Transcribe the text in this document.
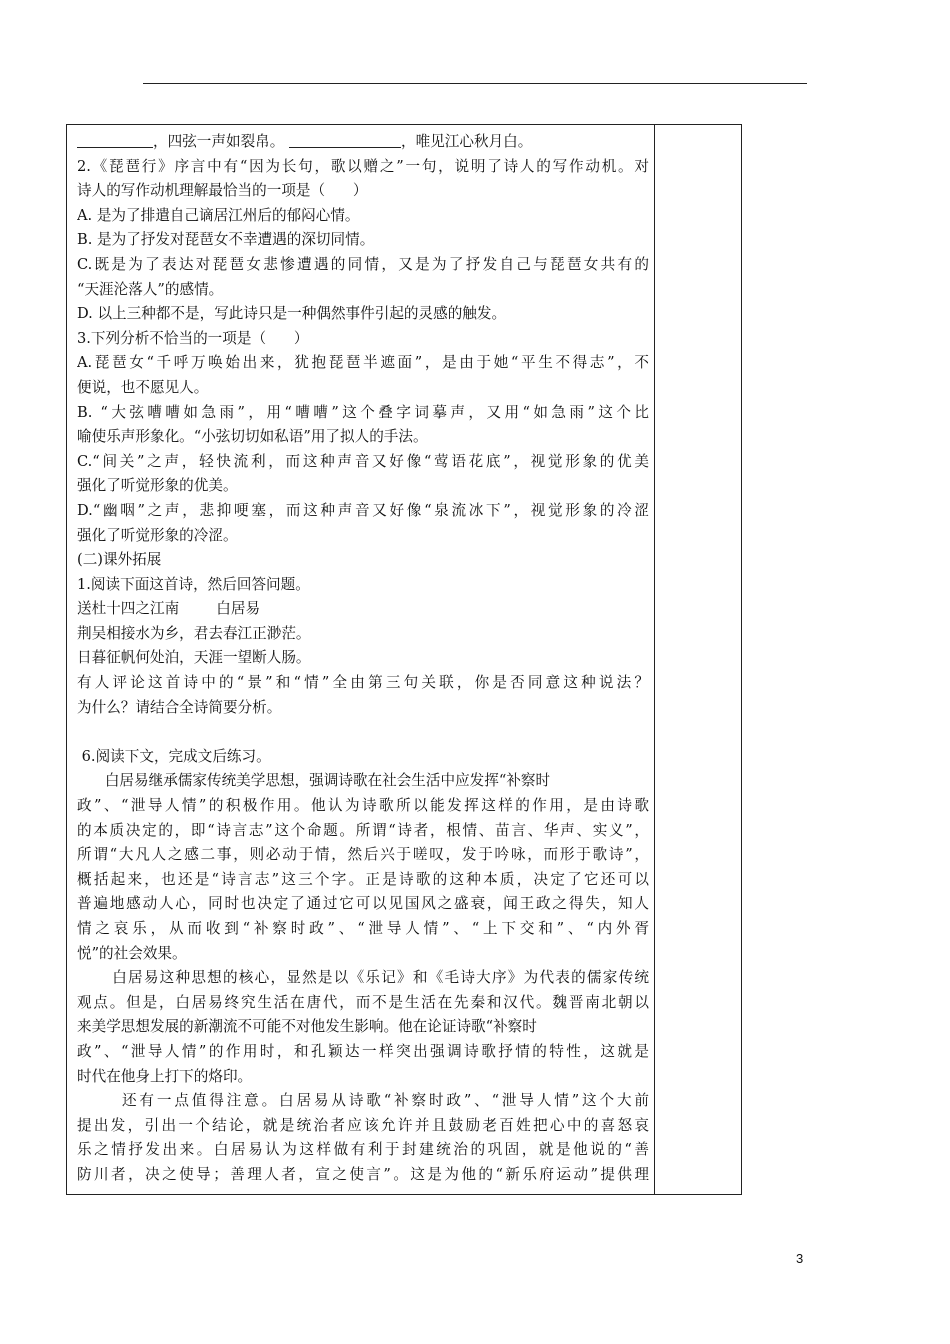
，四弦一声如裂帛。	，唯见江心秋月白。

2.《琵琶行》序言中有“因为长句，歌以赠之”一句，说明了诗人的写作动机。对

诗人的写作动机理解最恰当的一项是（      ）

A. 是为了排遣自己谪居江州后的郁闷心情。

B. 是为了抒发对琵琶女不幸遭遇的深切同情。

C.既是为了表达对琵琶女悲惨遭遇的同情，又是为了抒发自己与琵琶女共有的

“天涯沦落人”的感情。

D. 以上三种都不是，写此诗只是一种偶然事件引起的灵感的触发。

3.下列分析不恰当的一项是（      ）

A.琵琶女“千呼万唤始出来，犹抱琵琶半遮面”，是由于她“平生不得志”，不

便说，也不愿见人。

B. “大弦嘈嘈如急雨”，用“嘈嘈”这个叠字词摹声，又用“如急雨”这个比

喻使乐声形象化。“小弦切切如私语”用了拟人的手法。

C.“间关”之声，轻快流利，而这种声音又好像“莺语花底”，视觉形象的优美

强化了听觉形象的优美。

D.“幽咽”之声，悲抑哽塞，而这种声音又好像“泉流冰下”，视觉形象的冷涩

强化了听觉形象的冷涩。

(二)课外拓展

1.阅读下面这首诗，然后回答问题。

送杜十四之江南        白居易

荆吴相接水为乡，君去春江正渺茫。

日暮征帆何处泊，天涯一望断人肠。

有人评论这首诗中的“景”和“情”全由第三句关联，你是否同意这种说法？

为什么？请结合全诗简要分析。

6.阅读下文，完成文后练习。

白居易继承儒家传统美学思想，强调诗歌在社会生活中应发挥“补察时

政”、“泄导人情”的积极作用。他认为诗歌所以能发挥这样的作用，是由诗歌

的本质决定的，即“诗言志”这个命题。所谓“诗者，根情、苗言、华声、实义”，

所谓“大凡人之感二事，则必动于情，然后兴于嗟叹，发于吟咏，而形于歌诗”，

概括起来，也还是“诗言志”这三个字。正是诗歌的这种本质，决定了它还可以

普遍地感动人心，同时也决定了通过它可以见国风之盛衰，闻王政之得失，知人

情之哀乐，从而收到“补察时政”、“泄导人情”、“上下交和”、“内外胥

悦”的社会效果。

白居易这种思想的核心，显然是以《乐记》和《毛诗大序》为代表的儒家传统

观点。但是，白居易终究生活在唐代，而不是生活在先秦和汉代。魏晋南北朝以

来美学思想发展的新潮流不可能不对他发生影响。他在论证诗歌“补察时

政”、“泄导人情”的作用时，和孔颖达一样突出强调诗歌抒情的特性，这就是

时代在他身上打下的烙印。

还有一点值得注意。白居易从诗歌“补察时政”、“泄导人情”这个大前

提出发，引出一个结论，就是统治者应该允许并且鼓励老百姓把心中的喜怒哀

乐之情抒发出来。白居易认为这样做有利于封建统治的巩固，就是他说的“善

防川者，决之使导；善理人者，宣之使言”。这是为他的“新乐府运动”提供理

3
